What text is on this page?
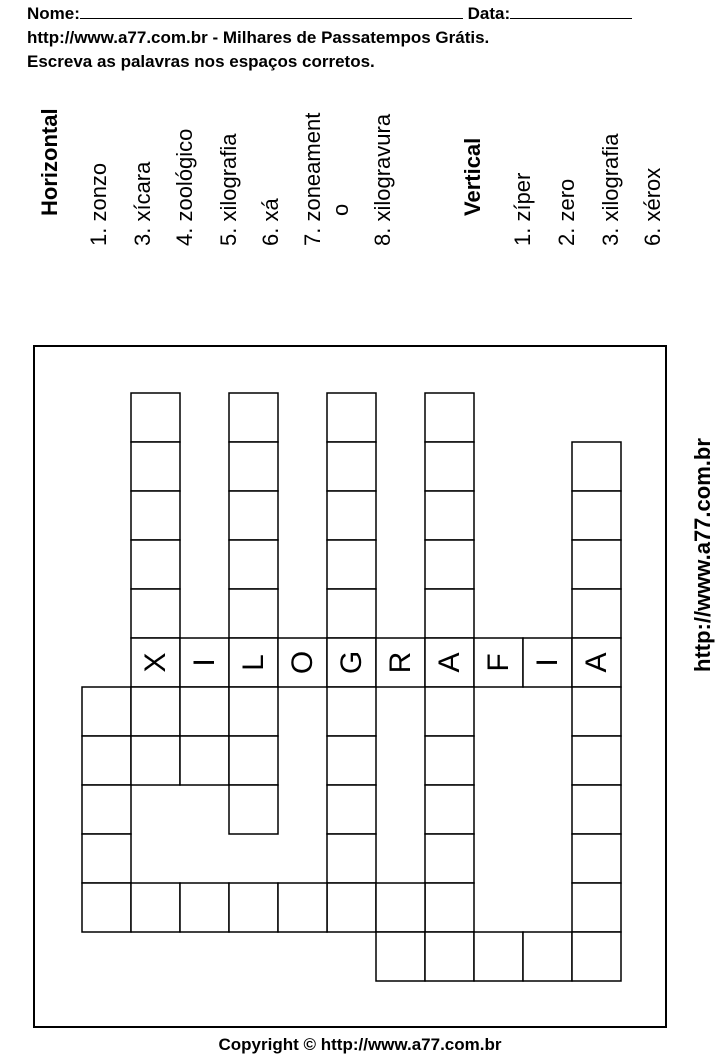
Nome:	Data:
http://www.a77.com.br - Milhares de Passatempos Grátis.
Escreva as palavras nos espaços corretos.
Horizontal 1. zonzo 3. xícara 4. zoológico 5. xilografia 6. xá 7. zoneament o 8. xilogravura	Vertical 1. zíper 2. zero 3. xilografia 6. xérox
X I L O G R A F I A	http://www.a77.com.br
Copyright © http://www.a77.com.br
